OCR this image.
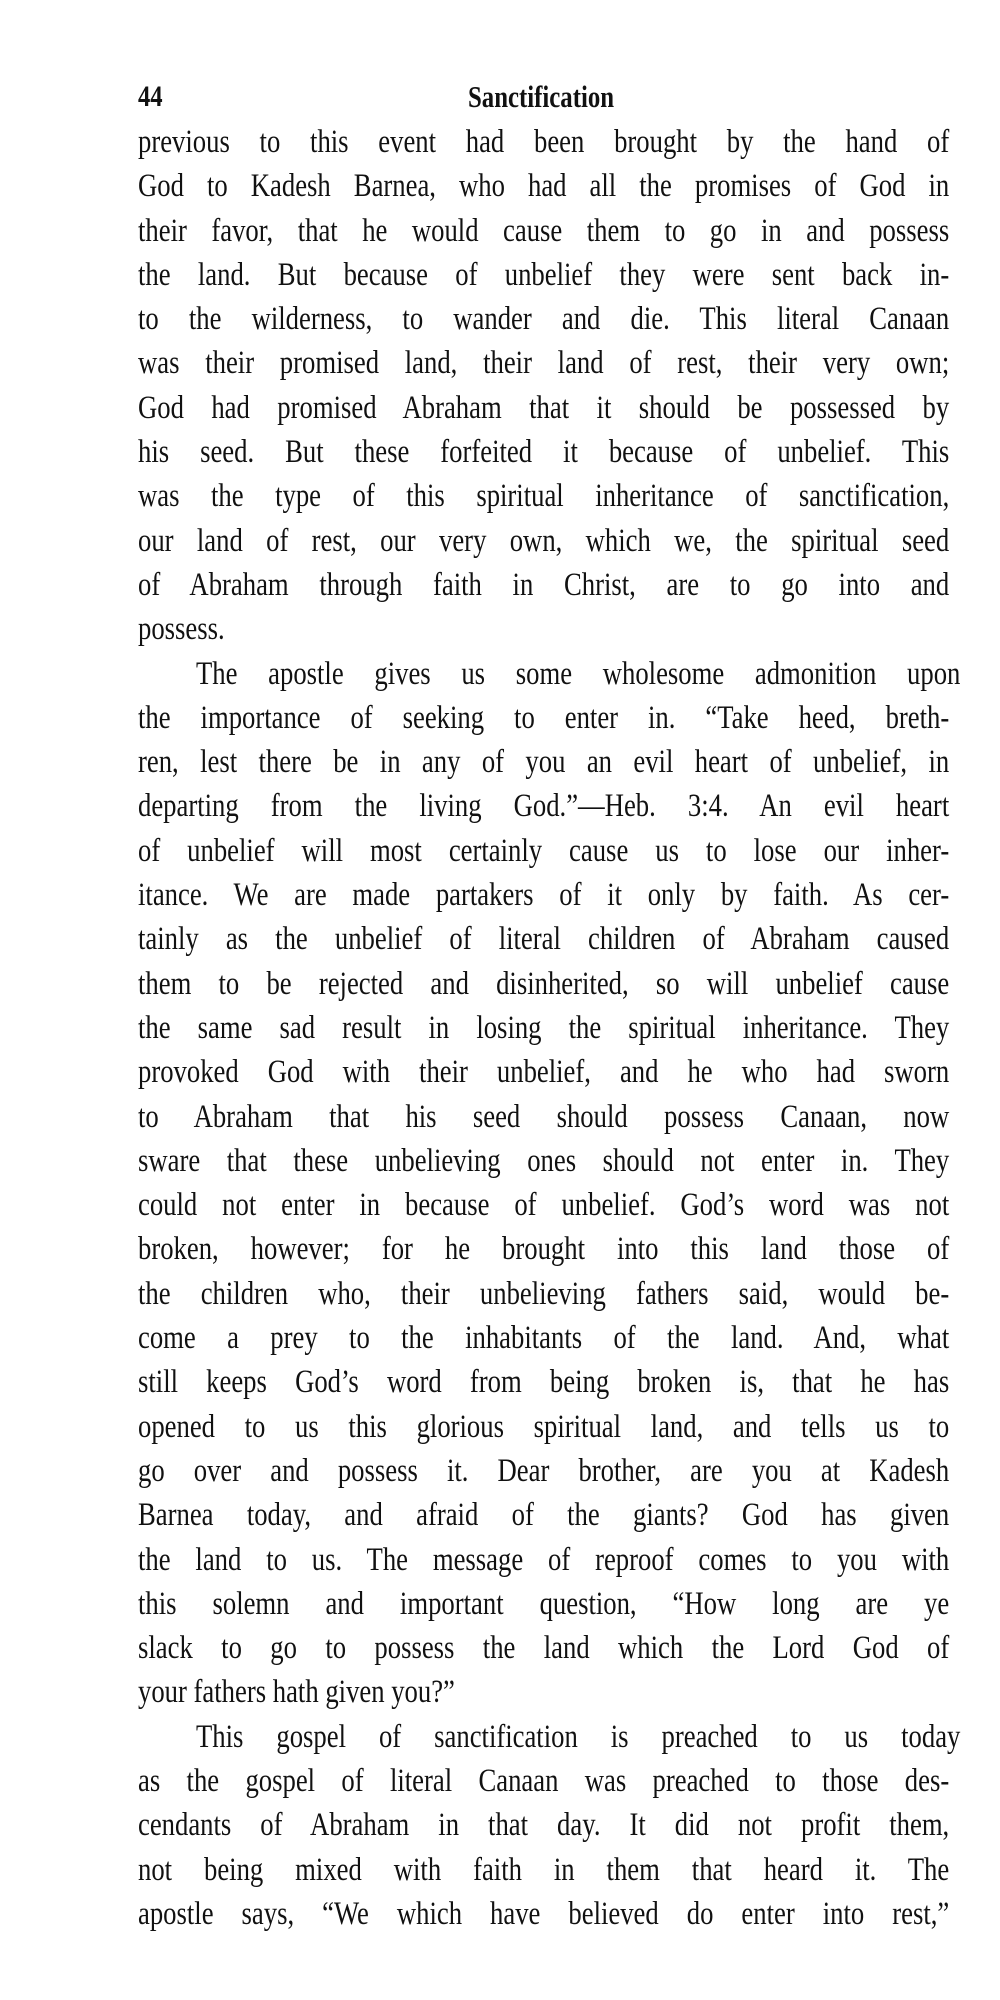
44	Sanctification
previous to this event had been brought by the hand of
God to Kadesh Barnea, who had all the promises of God in
their favor, that he would cause them to go in and possess
the land. But because of unbelief they were sent back in-
to the wilderness, to wander and die. This literal Canaan
was their promised land, their land of rest, their very own;
God had promised Abraham that it should be possessed by
his seed. But these forfeited it because of unbelief. This
was the type of this spiritual inheritance of sanctification,
our land of rest, our very own, which we, the spiritual seed
of Abraham through faith in Christ, are to go into and
possess.
The apostle gives us some wholesome admonition upon
the importance of seeking to enter in. “Take heed, breth-
ren, lest there be in any of you an evil heart of unbelief, in
departing from the living God.”—Heb. 3:4. An evil heart
of unbelief will most certainly cause us to lose our inher-
itance. We are made partakers of it only by faith. As cer-
tainly as the unbelief of literal children of Abraham caused
them to be rejected and disinherited, so will unbelief cause
the same sad result in losing the spiritual inheritance. They
provoked God with their unbelief, and he who had sworn
to Abraham that his seed should possess Canaan, now
sware that these unbelieving ones should not enter in. They
could not enter in because of unbelief. God’s word was not
broken, however; for he brought into this land those of
the children who, their unbelieving fathers said, would be-
come a prey to the inhabitants of the land. And, what
still keeps God’s word from being broken is, that he has
opened to us this glorious spiritual land, and tells us to
go over and possess it. Dear brother, are you at Kadesh
Barnea today, and afraid of the giants? God has given
the land to us. The message of reproof comes to you with
this solemn and important question, “How long are ye
slack to go to possess the land which the Lord God of
your fathers hath given you?”
This gospel of sanctification is preached to us today
as the gospel of literal Canaan was preached to those des-
cendants of Abraham in that day. It did not profit them,
not being mixed with faith in them that heard it. The
apostle says, “We which have believed do enter into rest,”
